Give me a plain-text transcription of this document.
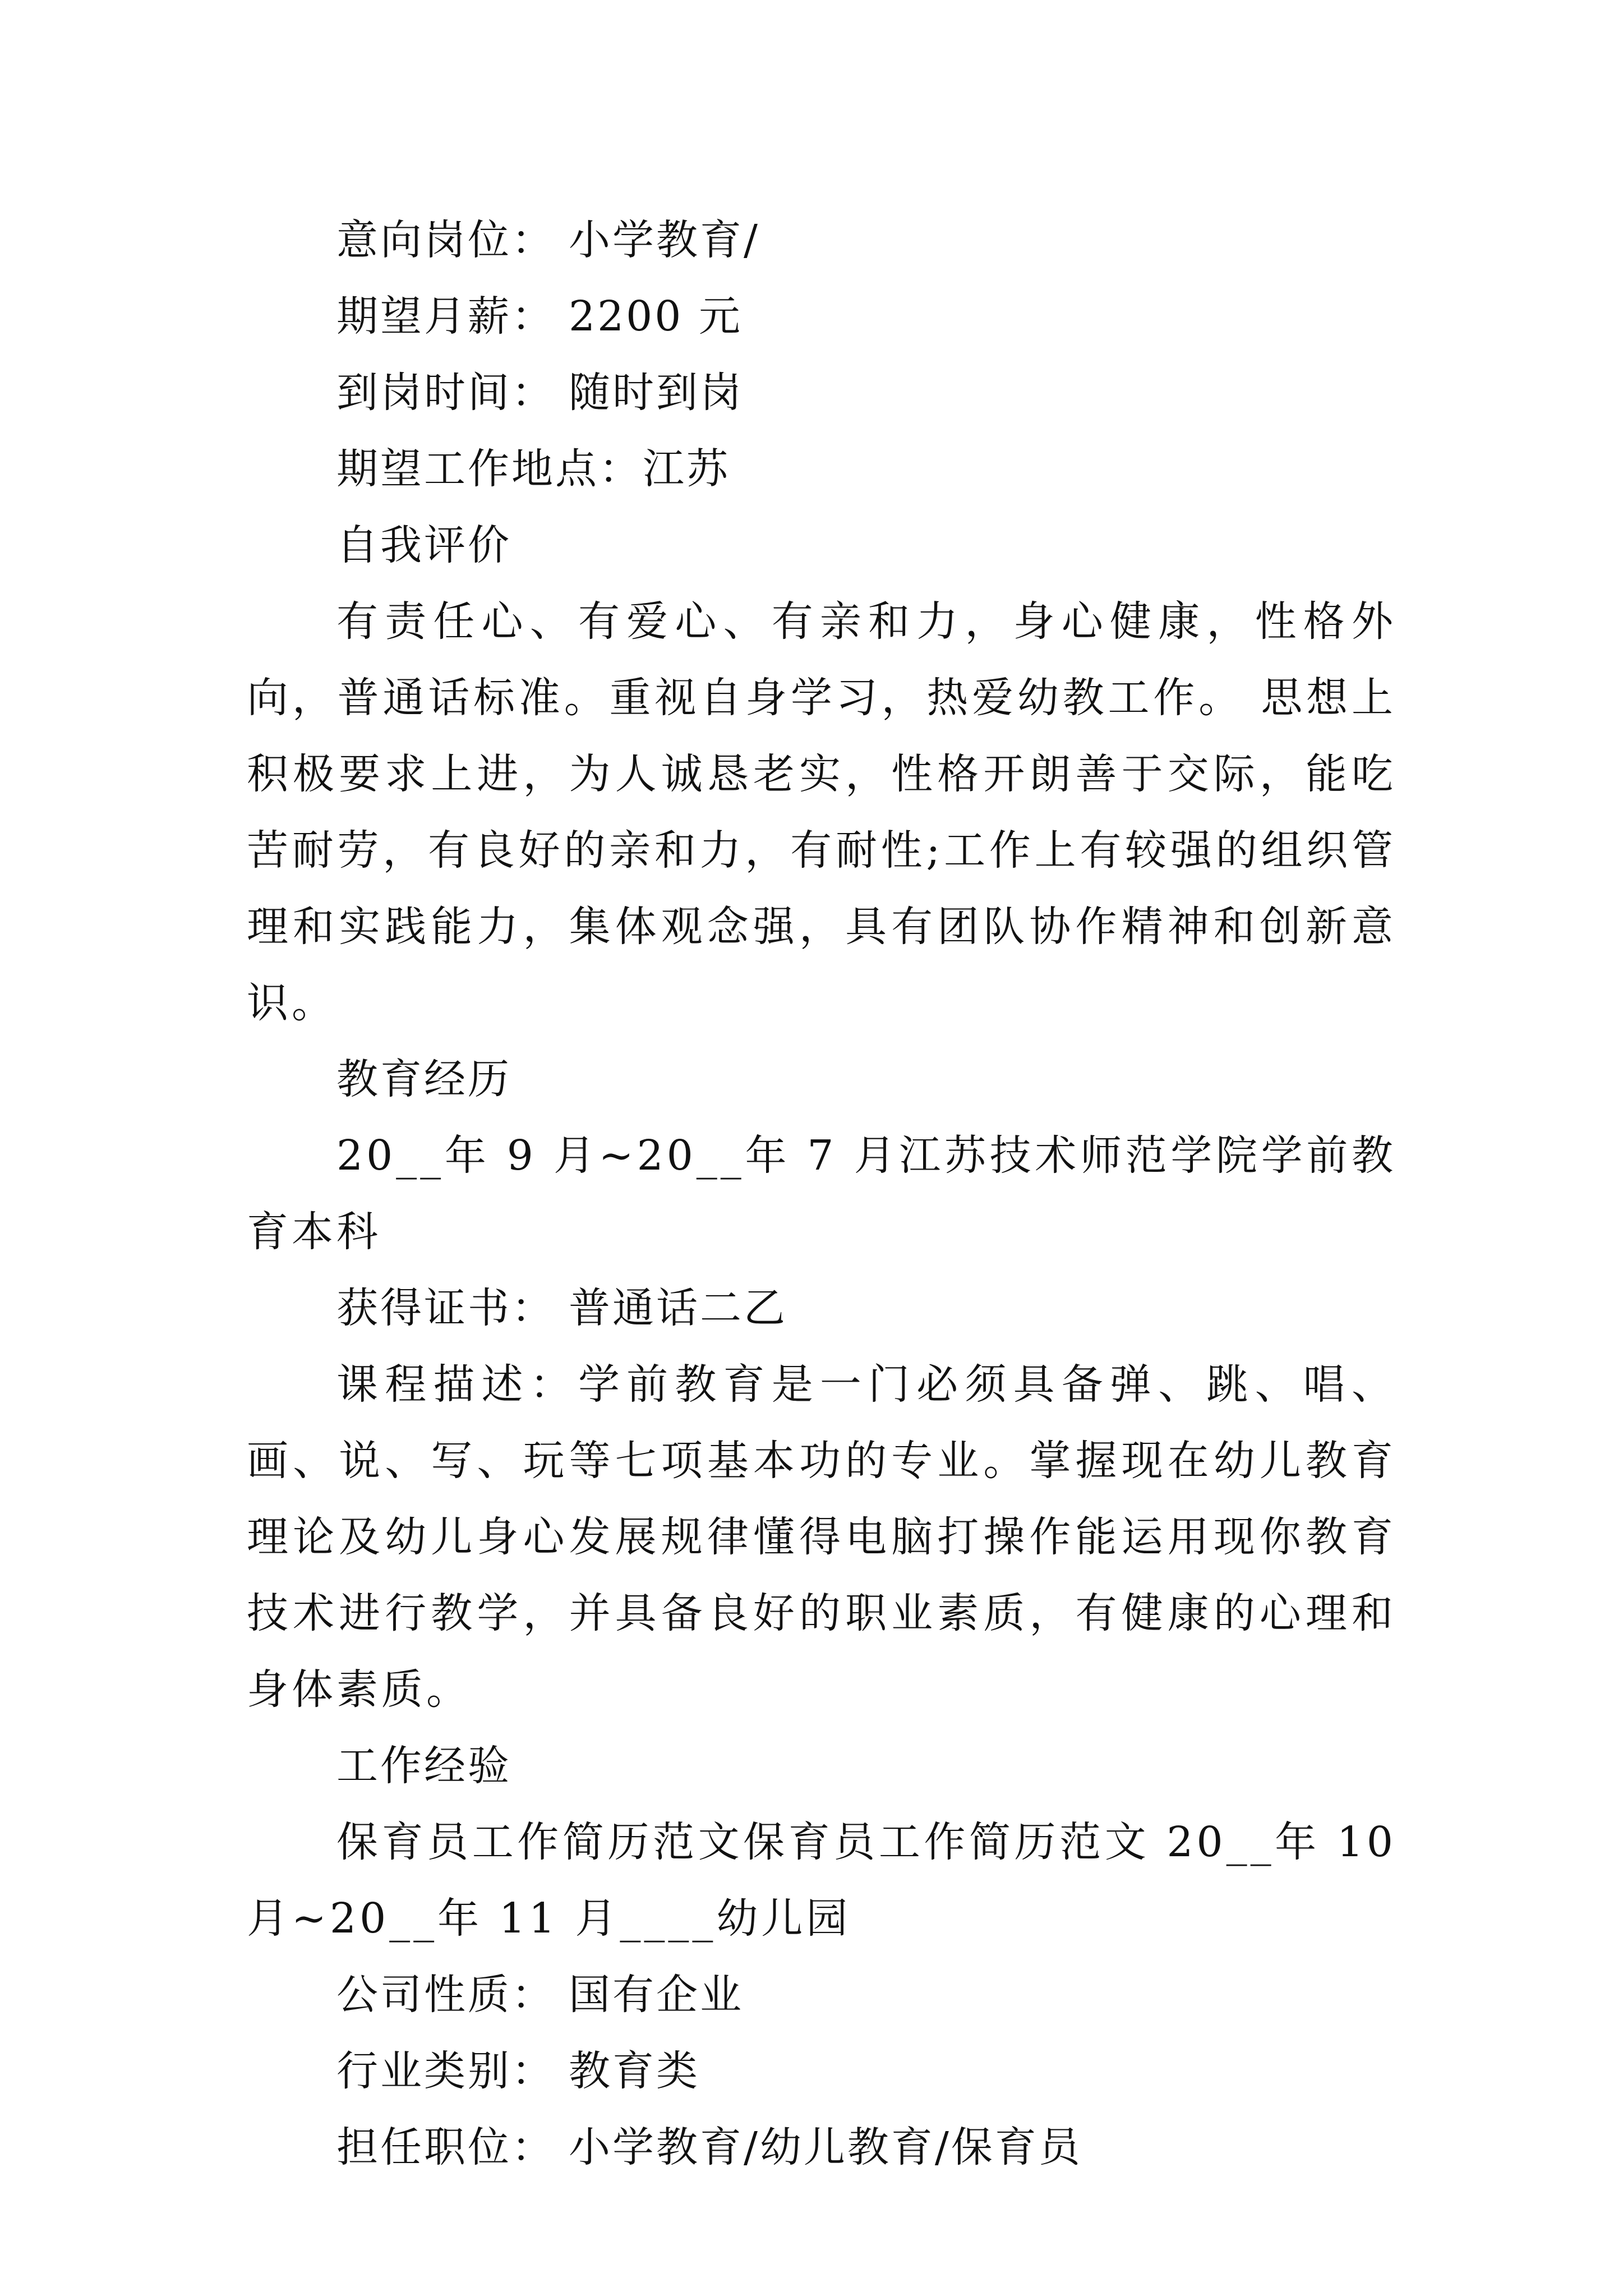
意向岗位： 小学教育/
期望月薪： 2200 元
到岗时间： 随时到岗
期望工作地点：江苏
自我评价

有责任心、有爱心、有亲和力，身心健康，性格外向，普通话标准。重视自身学习，热爱幼教工作。 思想上积极要求上进，为人诚恳老实，性格开朗善于交际，能吃苦耐劳，有良好的亲和力，有耐性;工作上有较强的组织管理和实践能力，集体观念强，具有团队协作精神和创新意识。

教育经历

20__年 9 月~20__年 7 月江苏技术师范学院学前教育本科

获得证书： 普通话二乙

课程描述：学前教育是一门必须具备弹、跳、唱、画、说、写、玩等七项基本功的专业。掌握现在幼儿教育理论及幼儿身心发展规律懂得电脑打操作能运用现你教育技术进行教学，并具备良好的职业素质，有健康的心理和身体素质。

工作经验

保育员工作简历范文保育员工作简历范文 20__年 10 月~20__年 11 月____幼儿园

公司性质： 国有企业
行业类别： 教育类
担任职位： 小学教育/幼儿教育/保育员
